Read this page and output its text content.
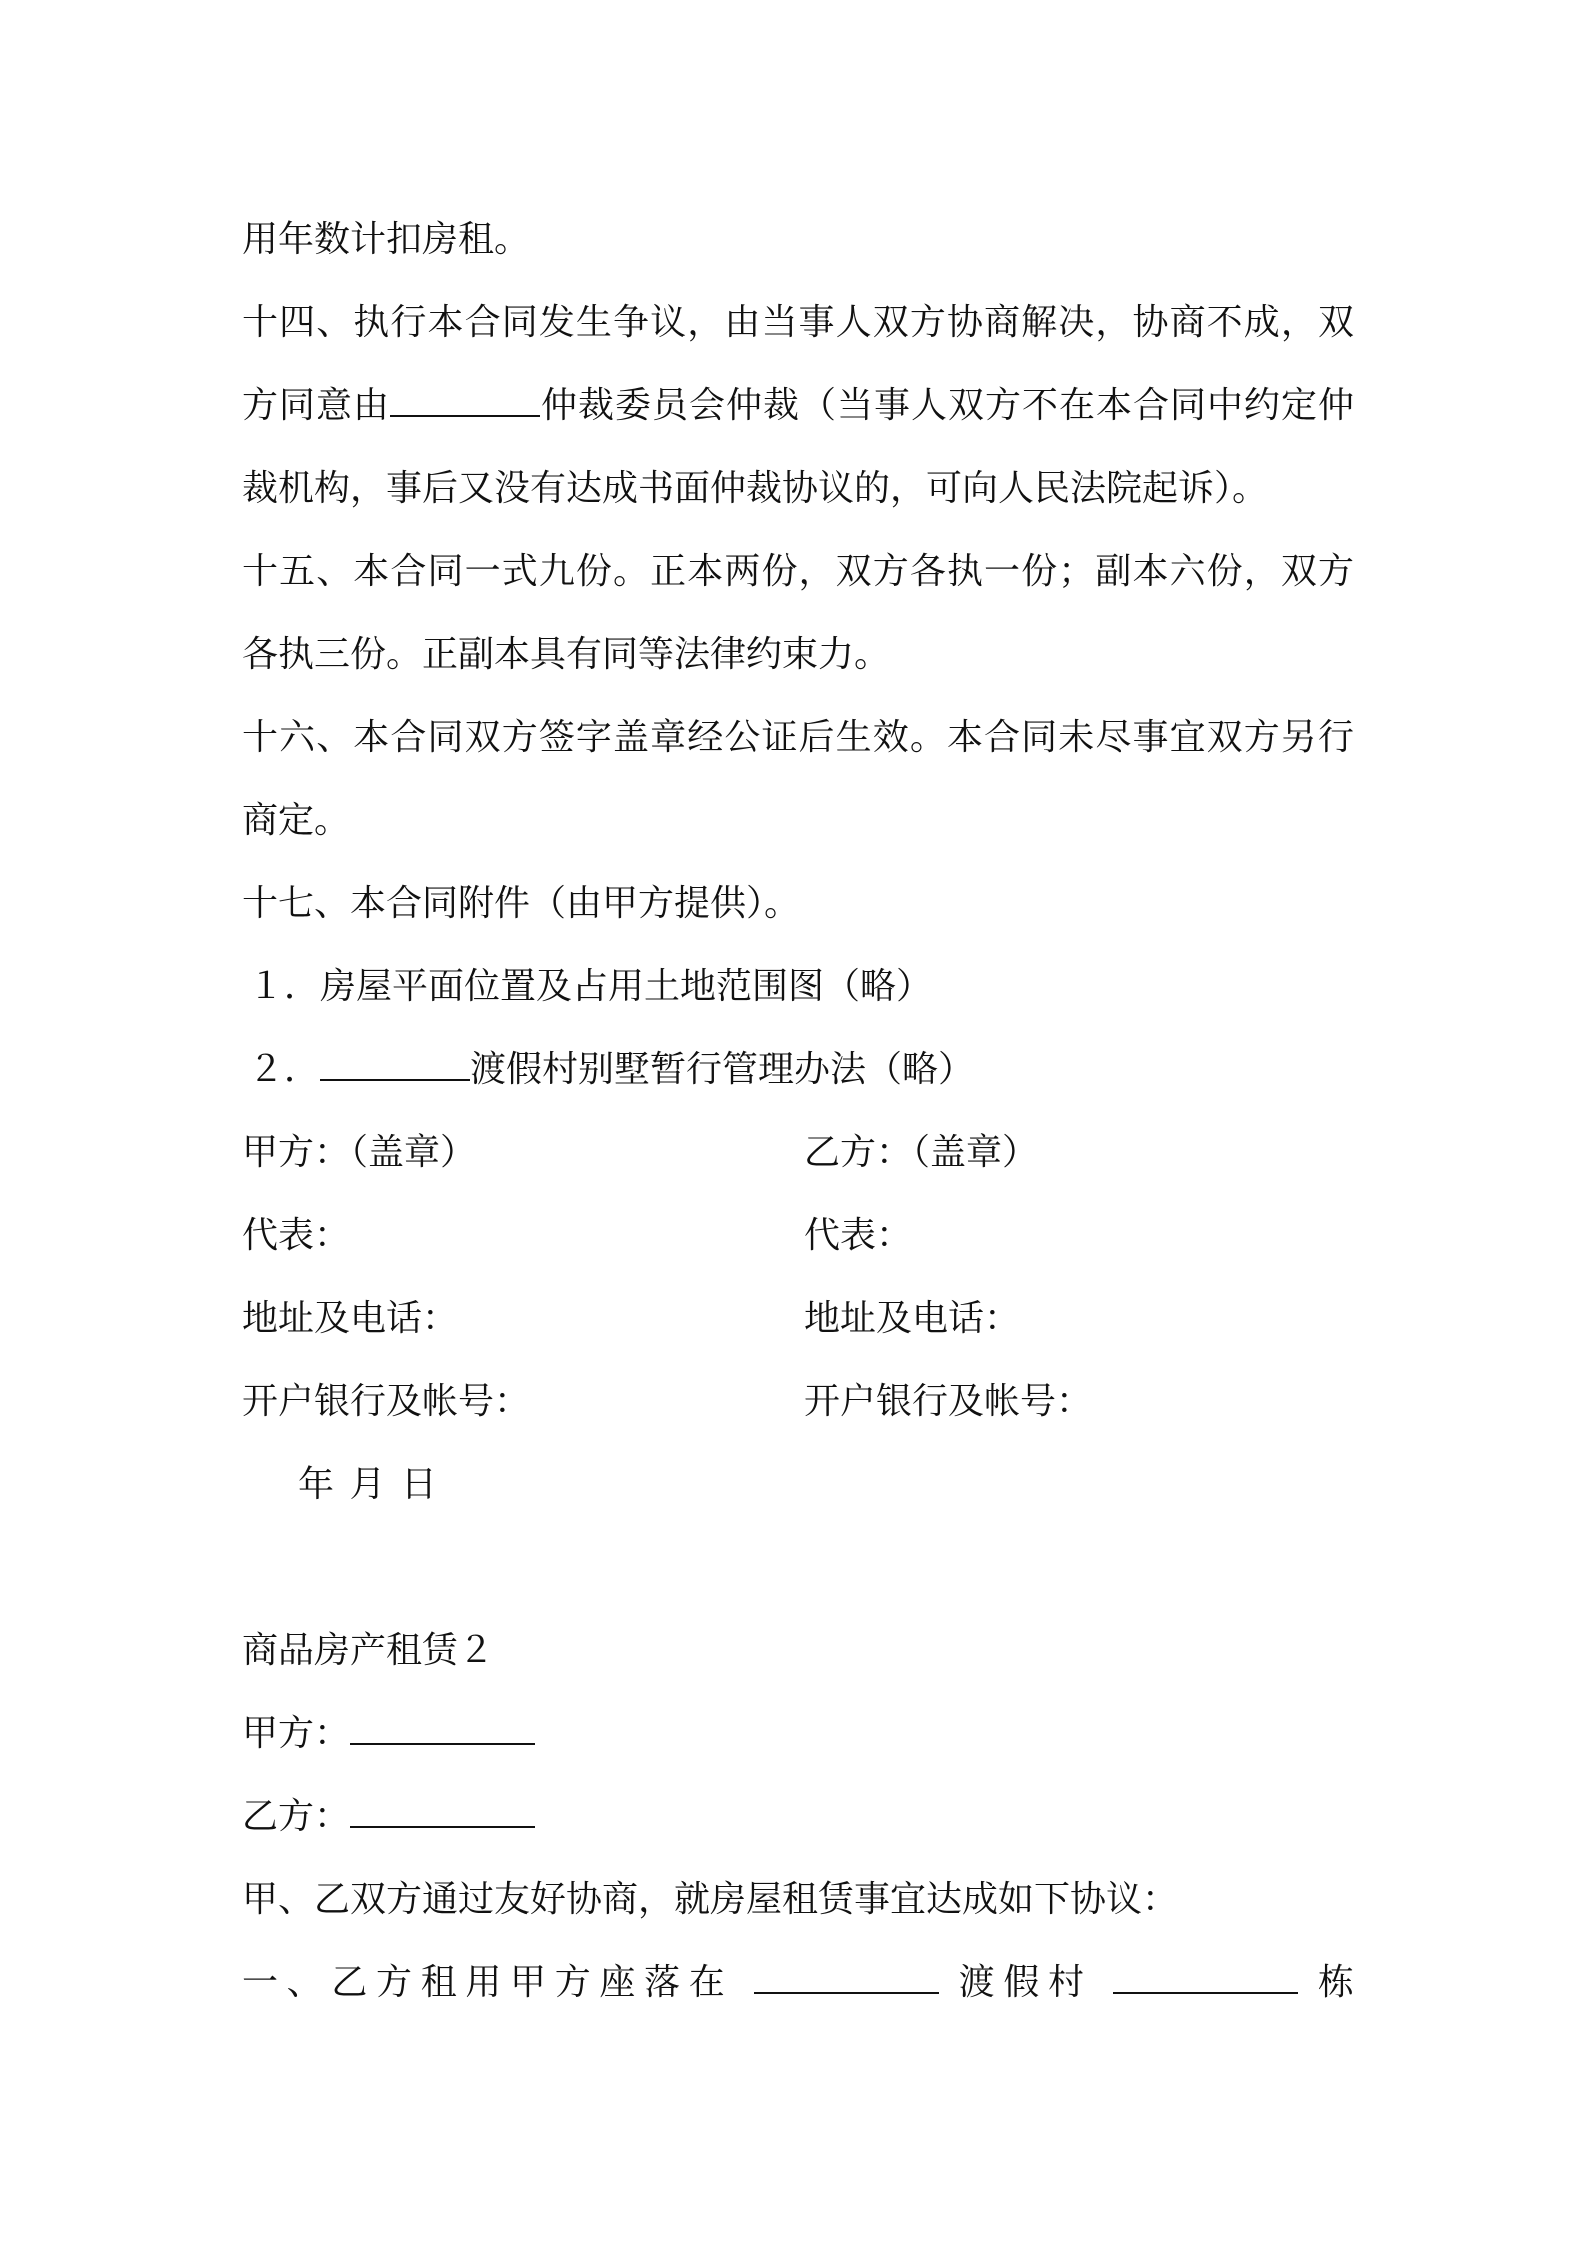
用年数计扣房租。
十四、执行本合同发生争议，由当事人双方协商解决，协商不成，双
方同意由	仲裁委员会仲裁（当事人双方不在本合同中约定仲
裁机构，事后又没有达成书面仲裁协议的，可向人民法院起诉）。
十五、本合同一式九份。正本两份，双方各执一份；副本六份，双方
各执三份。正副本具有同等法律约束力。
十六、本合同双方签字盖章经公证后生效。本合同未尽事宜双方另行
商定。
十七、本合同附件（由甲方提供）。
１．房屋平面位置及占用土地范围图（略）
２．	渡假村别墅暂行管理办法（略）
甲方：（盖章）	乙方：（盖章）
代表：	代表：
地址及电话：	地址及电话：
开户银行及帐号：	开户银行及帐号：
年 月 日
商品房产租赁２
甲方：
乙方：
甲、乙双方通过友好协商，就房屋租赁事宜达成如下协议：
一、乙方租用甲方座落在	渡假村	栋
